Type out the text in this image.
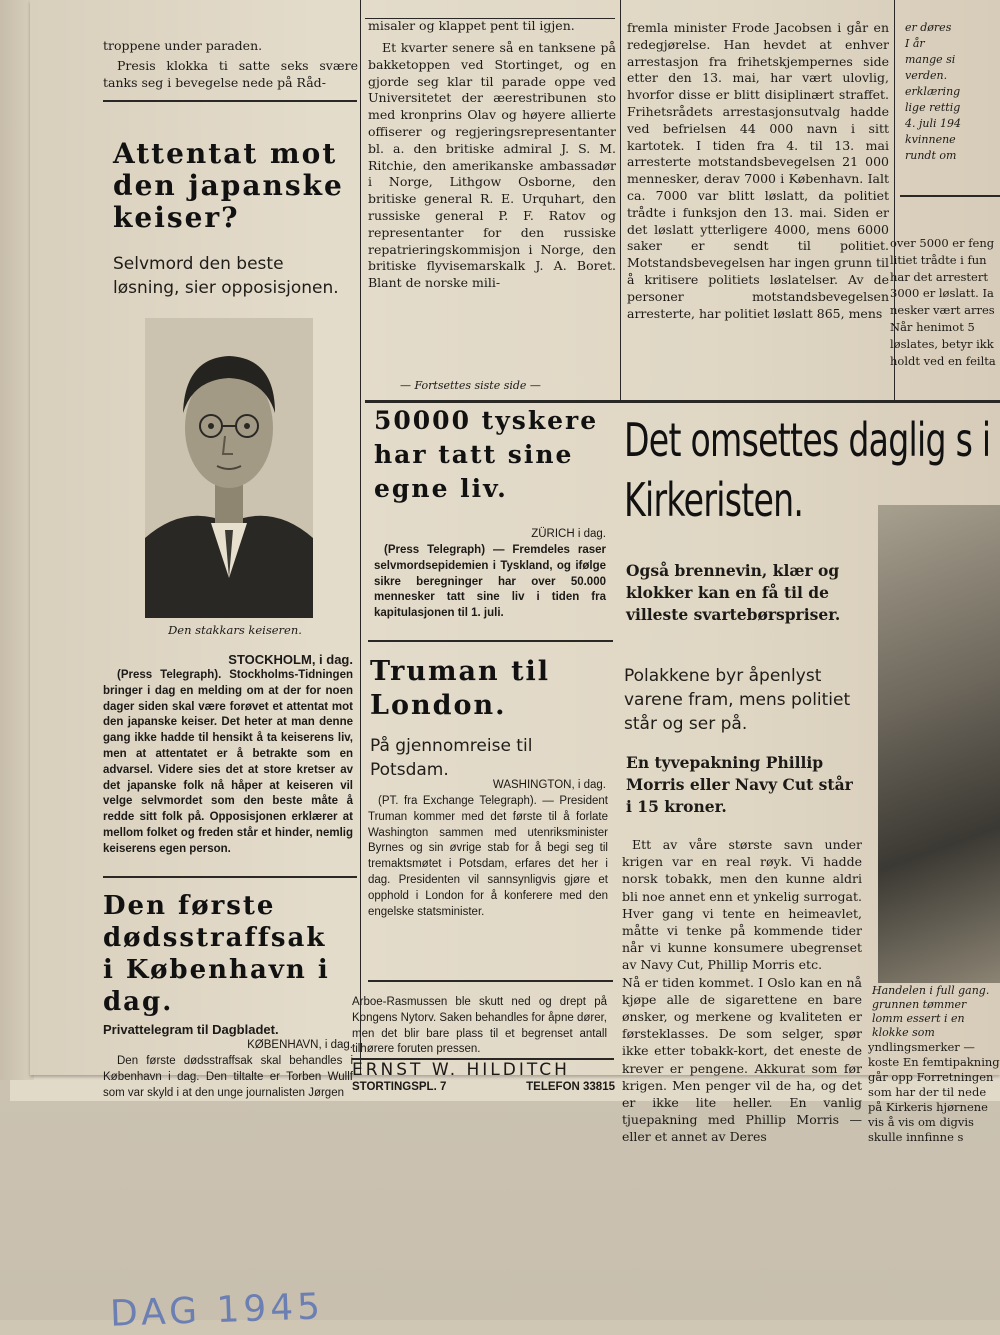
troppene under paraden.

Presis klokka ti satte seks svære tanks seg i bevegelse nede på Råd-

misaler og klappet pent til igjen.

Et kvarter senere så en tanksene på bakketoppen ved Stortinget, og en gjorde seg klar til parade oppe ved Universitetet der æerestribunen sto med kronprins Olav og høyere allierte offiserer og regjeringsrepresentanter bl. a. den britiske admiral J. S. M. Ritchie, den amerikanske ambassadør i Norge, Lithgow Osborne, den britiske general R. E. Urquhart, den russiske general P. F. Ratov og representanter for den russiske repatrieringskommisjon i Norge, den britiske flyvisemarskalk J. A. Boret. Blant de norske mili-

— Fortsettes siste side —

fremla minister Frode Jacobsen i går en redegjørelse. Han hevdet at enhver arrestasjon fra frihetskjempernes side etter den 13. mai, har vært ulovlig, hvorfor disse er blitt disiplinært straffet. Frihetsrådets arrestasjonsutvalg hadde ved befrielsen 44 000 navn i sitt kartotek. I tiden fra 4. til 13. mai arresterte motstandsbevegelsen 21 000 mennesker, derav 7000 i København. Ialt ca. 7000 var blitt løslatt, da politiet trådte i funksjon den 13. mai. Siden er det løslatt ytterligere 4000, mens 6000 saker er sendt til politiet. Motstandsbevegelsen har ingen grunn til å kritisere politiets løslatelser. Av de personer motstandsbevegelsen arresterte, har politiet løslatt 865, mens

er døres
I år
mange si
verden.
erklæring
lige rettig
4. juli 194
kvinnene
rundt om

over 5000 er feng litiet trådte i fun har det arrestert 3000 er løslatt. Ia nesker vært arres Når henimot 5 løslates, betyr ikk holdt ved en feilta

Attentat mot den japanske keiser?

Selvmord den beste løsning, sier opposisjonen.

Den stakkars keiseren.

STOCKHOLM, i dag.

(Press Telegraph). Stockholms-Tidningen bringer i dag en melding om at der for noen dager siden skal være forøvet et attentat mot den japanske keiser. Det heter at man denne gang ikke hadde til hensikt å ta keiserens liv, men at attentatet er å betrakte som en advarsel. Videre sies det at store kretser av det japanske folk nå håper at keiseren vil velge selvmordet som den beste måte å redde sitt folk på. Opposisjonen erklærer at mellom folket og freden står et hinder, nemlig keiserens egen person.

Den første dødsstraffsak i København i dag.

Privattelegram til Dagbladet.

KØBENHAVN, i dag.

Den første dødsstraffsak skal behandles i København i dag. Den tiltalte er Torben Wullf som var skyld i at den unge journalisten Jørgen

50000 tyskere har tatt sine egne liv.

ZÜRICH i dag.

(Press Telegraph) — Fremdeles raser selvmordsepidemien i Tyskland, og ifølge sikre beregninger har over 50.000 mennesker tatt sine liv i tiden fra kapitulasjonen til 1. juli.

Truman til London.

På gjennomreise til Potsdam.

WASHINGTON, i dag.

(PT. fra Exchange Telegraph). — President Truman kommer med det første til å forlate Washington sammen med utenriksminister Byrnes og sin øvrige stab for å begi seg til tremaktsmøtet i Potsdam, erfares det her i dag. Presidenten vil sannsynligvis gjøre et opphold i London for å konferere med den engelske statsminister.

Arboe-Rasmussen ble skutt ned og drept på Kongens Nytorv. Saken behandles for åpne dører, men det blir bare plass til et begrenset antall tilhørere foruten pressen.

ERNST W. HILDITCH

STORTINGSPL. 7	TELEFON 33815

Det omsettes daglig s i Kirkeristen.

Også brennevin, klær og klokker kan en få til de villeste svartebørspriser.

Polakkene byr åpenlyst varene fram, mens politiet står og ser på.

En tyvepakning Phillip Morris eller Navy Cut står i 15 kroner.

Ett av våre største savn under krigen var en real røyk. Vi hadde norsk tobakk, men den kunne aldri bli noe annet enn et ynkelig surrogat. Hver gang vi tente en heimeavlet, måtte vi tenke på kommende tider når vi kunne konsumere ubegrenset av Navy Cut, Phillip Morris etc.
Nå er tiden kommet. I Oslo kan en nå kjøpe alle de sigarettene en bare ønsker, og merkene og kvaliteten er førsteklasses. De som selger, spør ikke etter tobakk-kort, det eneste de krever er pengene. Akkurat som før krigen. Men penger vil de ha, og det er ikke lite heller. En vanlig tjuepakning med Phillip Morris — eller et annet av Deres

Handelen i full gang. grunnen tømmer lomm essert i en klokke som

yndlingsmerker — koste En femtipakning går opp Forretningen som har der til nede på Kirkeris hjørnene vis å vis om digvis skulle innfinne s

DAG 1945
